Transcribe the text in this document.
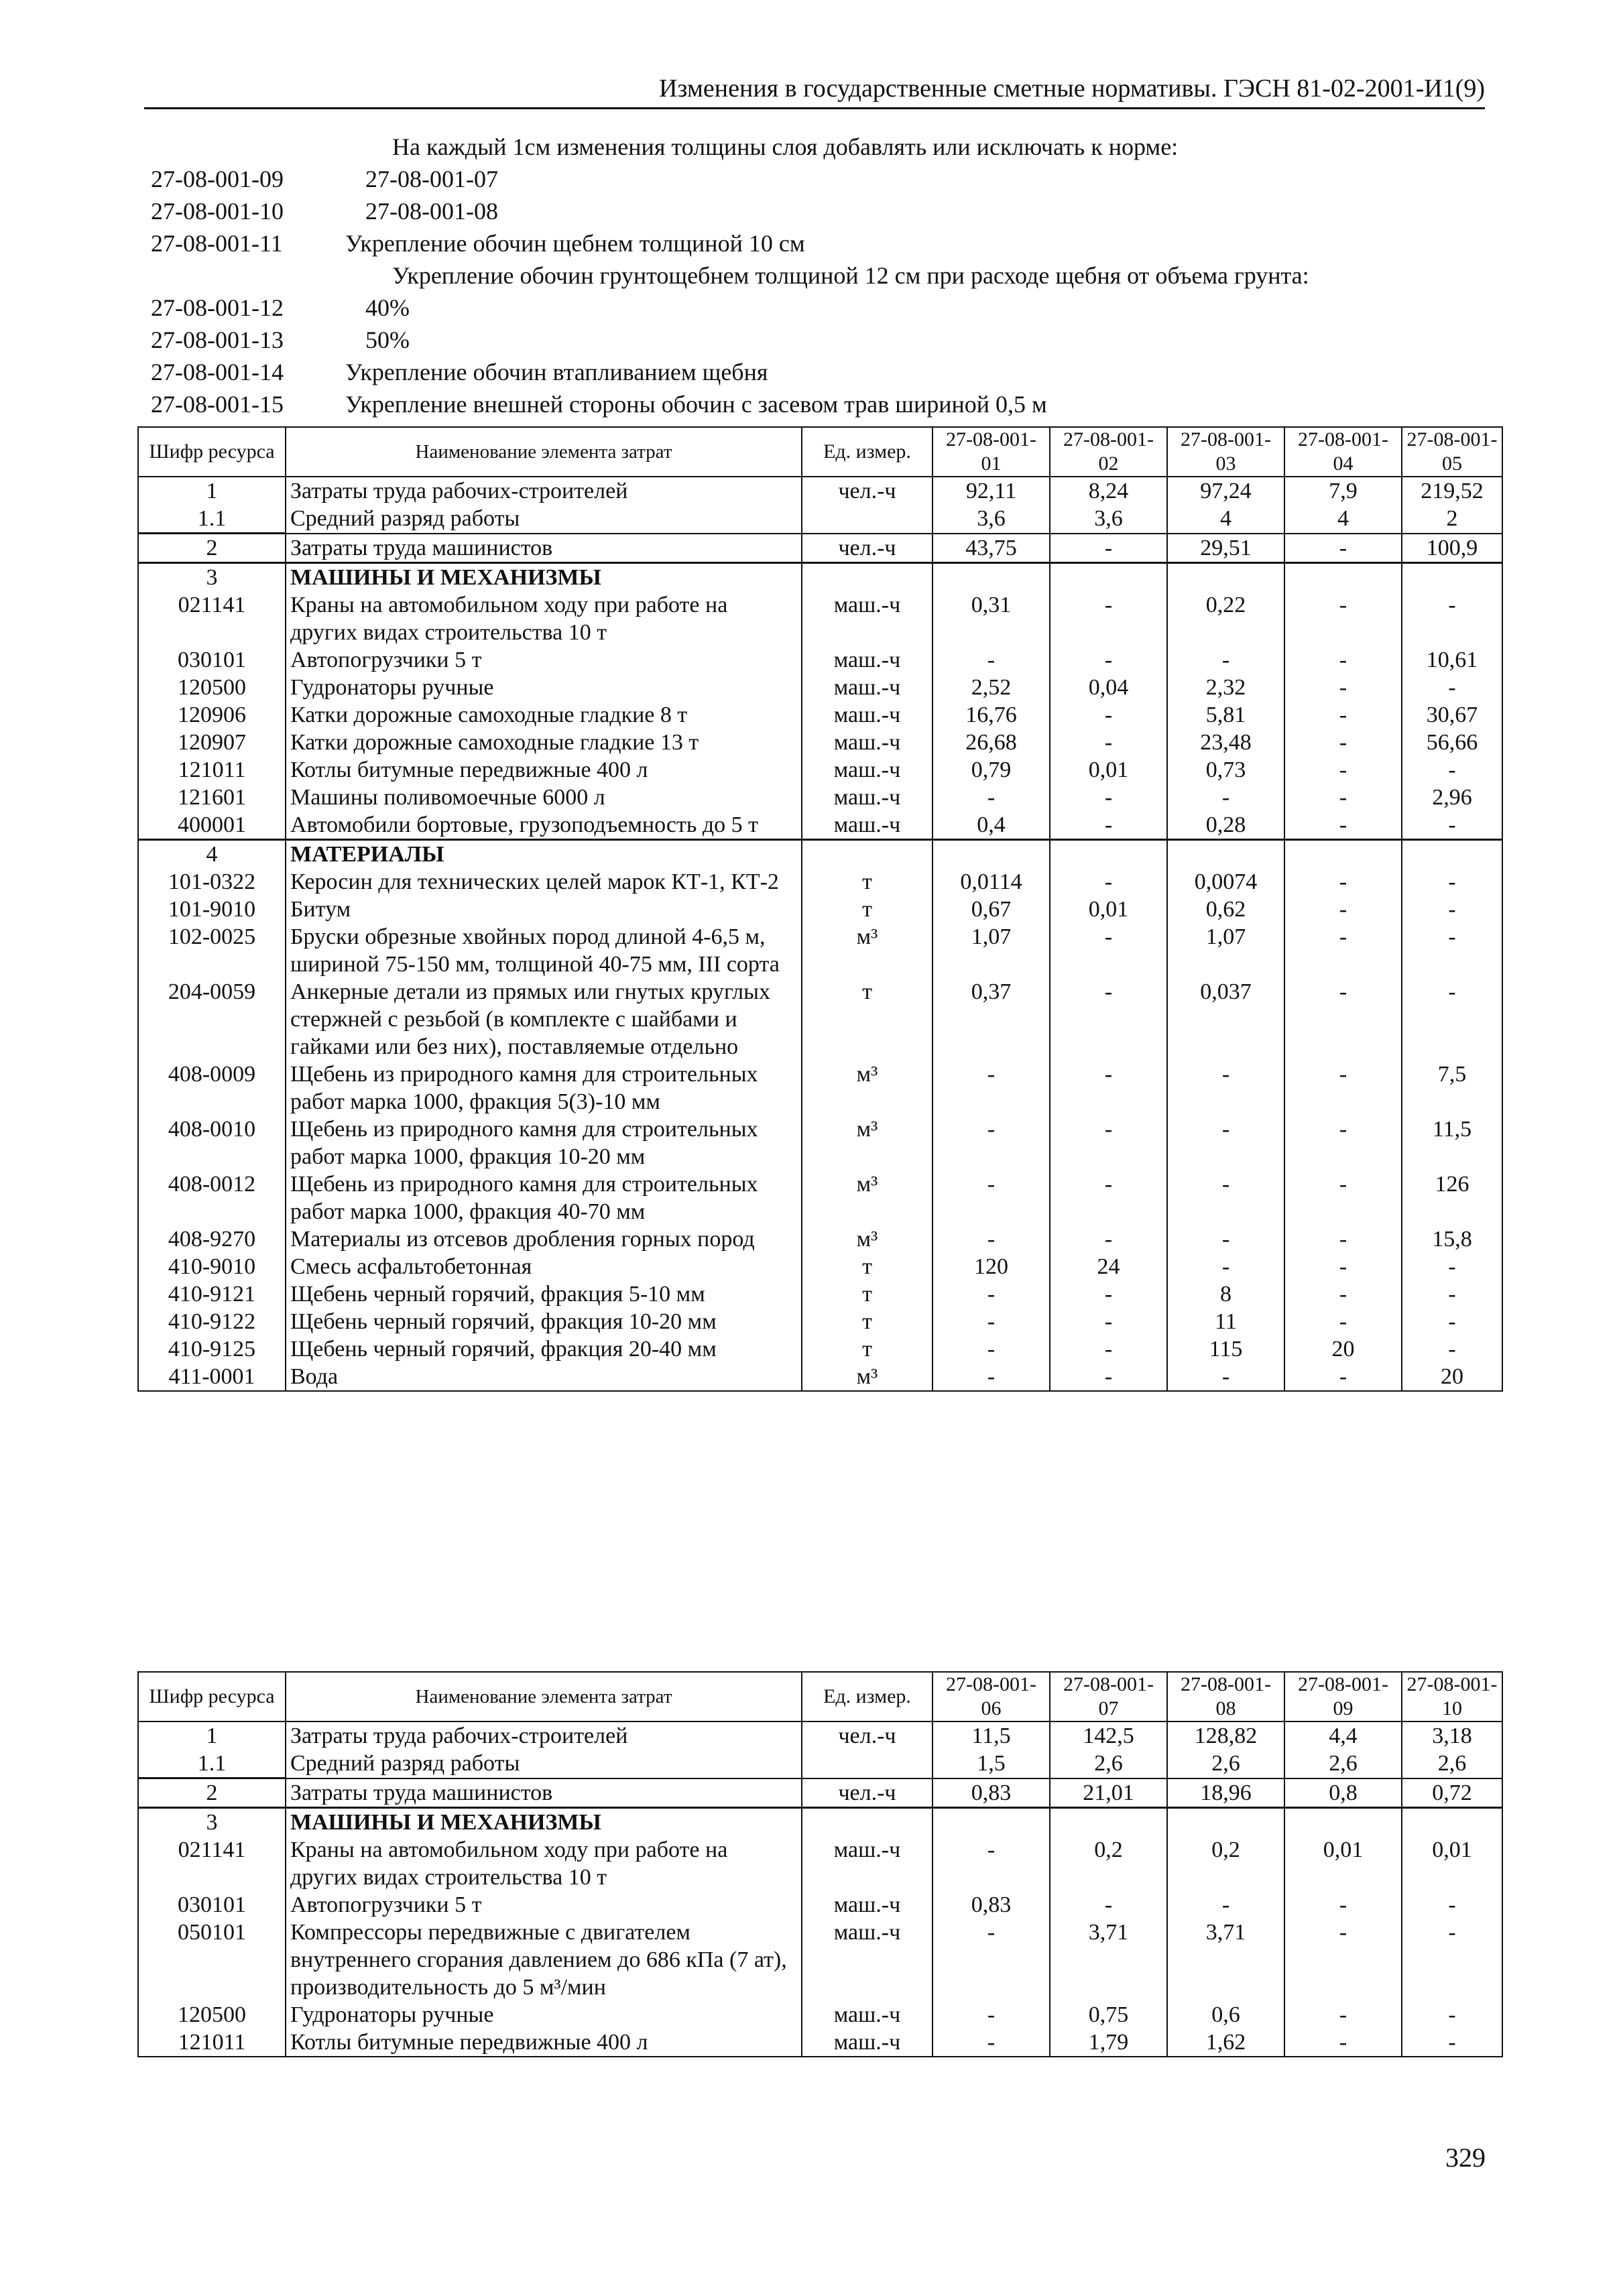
Изменения в государственные сметные нормативы. ГЭСН 81-02-2001-И1(9)
На каждый 1см изменения толщины слоя добавлять или исключать к норме:
27-08-001-09	27-08-001-07
27-08-001-10	27-08-001-08
27-08-001-11	Укрепление обочин щебнем толщиной 10 см
Укрепление обочин грунтощебнем толщиной 12 см при расходе щебня от объема грунта:
27-08-001-12	40%
27-08-001-13	50%
27-08-001-14	Укрепление обочин втапливанием щебня
27-08-001-15	Укрепление внешней стороны обочин с засевом трав шириной 0,5 м
Шифр ресурса	Наименование элемента затрат	Ед. измер.	27-08-001-01	27-08-001-02	27-08-001-03	27-08-001-04	27-08-001-05
1	Затраты труда рабочих-строителей	чел.-ч	92,11	8,24	97,24	7,9	219,52
1.1	Средний разряд работы		3,6	3,6	4	4	2
2	Затраты труда машинистов	чел.-ч	43,75	-	29,51	-	100,9
3	МАШИНЫ И МЕХАНИЗМЫ						
021141	Краны на автомобильном ходу при работе на других видах строительства 10 т	маш.-ч	0,31	-	0,22	-	-
030101	Автопогрузчики 5 т	маш.-ч	-	-	-	-	10,61
120500	Гудронаторы ручные	маш.-ч	2,52	0,04	2,32	-	-
120906	Катки дорожные самоходные гладкие 8 т	маш.-ч	16,76	-	5,81	-	30,67
120907	Катки дорожные самоходные гладкие 13 т	маш.-ч	26,68	-	23,48	-	56,66
121011	Котлы битумные передвижные 400 л	маш.-ч	0,79	0,01	0,73	-	-
121601	Машины поливомоечные 6000 л	маш.-ч	-	-	-	-	2,96
400001	Автомобили бортовые, грузоподъемность до 5 т	маш.-ч	0,4	-	0,28	-	-
4	МАТЕРИАЛЫ						
101-0322	Керосин для технических целей марок КТ-1, КТ-2	т	0,0114	-	0,0074	-	-
101-9010	Битум	т	0,67	0,01	0,62	-	-
102-0025	Бруски обрезные хвойных пород длиной 4-6,5 м, шириной 75-150 мм, толщиной 40-75 мм, III сорта	м³	1,07	-	1,07	-	-
204-0059	Анкерные детали из прямых или гнутых круглых стержней с резьбой (в комплекте с шайбами и гайками или без них), поставляемые отдельно	т	0,37	-	0,037	-	-
408-0009	Щебень из природного камня для строительных работ марка 1000, фракция 5(3)-10 мм	м³	-	-	-	-	7,5
408-0010	Щебень из природного камня для строительных работ марка 1000, фракция 10-20 мм	м³	-	-	-	-	11,5
408-0012	Щебень из природного камня для строительных работ марка 1000, фракция 40-70 мм	м³	-	-	-	-	126
408-9270	Материалы из отсевов дробления горных пород	м³	-	-	-	-	15,8
410-9010	Смесь асфальтобетонная	т	120	24	-	-	-
410-9121	Щебень черный горячий, фракция 5-10 мм	т	-	-	8	-	-
410-9122	Щебень черный горячий, фракция 10-20 мм	т	-	-	11	-	-
410-9125	Щебень черный горячий, фракция 20-40 мм	т	-	-	115	20	-
411-0001	Вода	м³	-	-	-	-	20
Шифр ресурса	Наименование элемента затрат	Ед. измер.	27-08-001-06	27-08-001-07	27-08-001-08	27-08-001-09	27-08-001-10
1	Затраты труда рабочих-строителей	чел.-ч	11,5	142,5	128,82	4,4	3,18
1.1	Средний разряд работы		1,5	2,6	2,6	2,6	2,6
2	Затраты труда машинистов	чел.-ч	0,83	21,01	18,96	0,8	0,72
3	МАШИНЫ И МЕХАНИЗМЫ						
021141	Краны на автомобильном ходу при работе на других видах строительства 10 т	маш.-ч	-	0,2	0,2	0,01	0,01
030101	Автопогрузчики 5 т	маш.-ч	0,83	-	-	-	-
050101	Компрессоры передвижные с двигателем внутреннего сгорания давлением до 686 кПа (7 ат), производительность до 5 м³/мин	маш.-ч	-	3,71	3,71	-	-
120500	Гудронаторы ручные	маш.-ч	-	0,75	0,6	-	-
121011	Котлы битумные передвижные 400 л	маш.-ч	-	1,79	1,62	-	-
329
